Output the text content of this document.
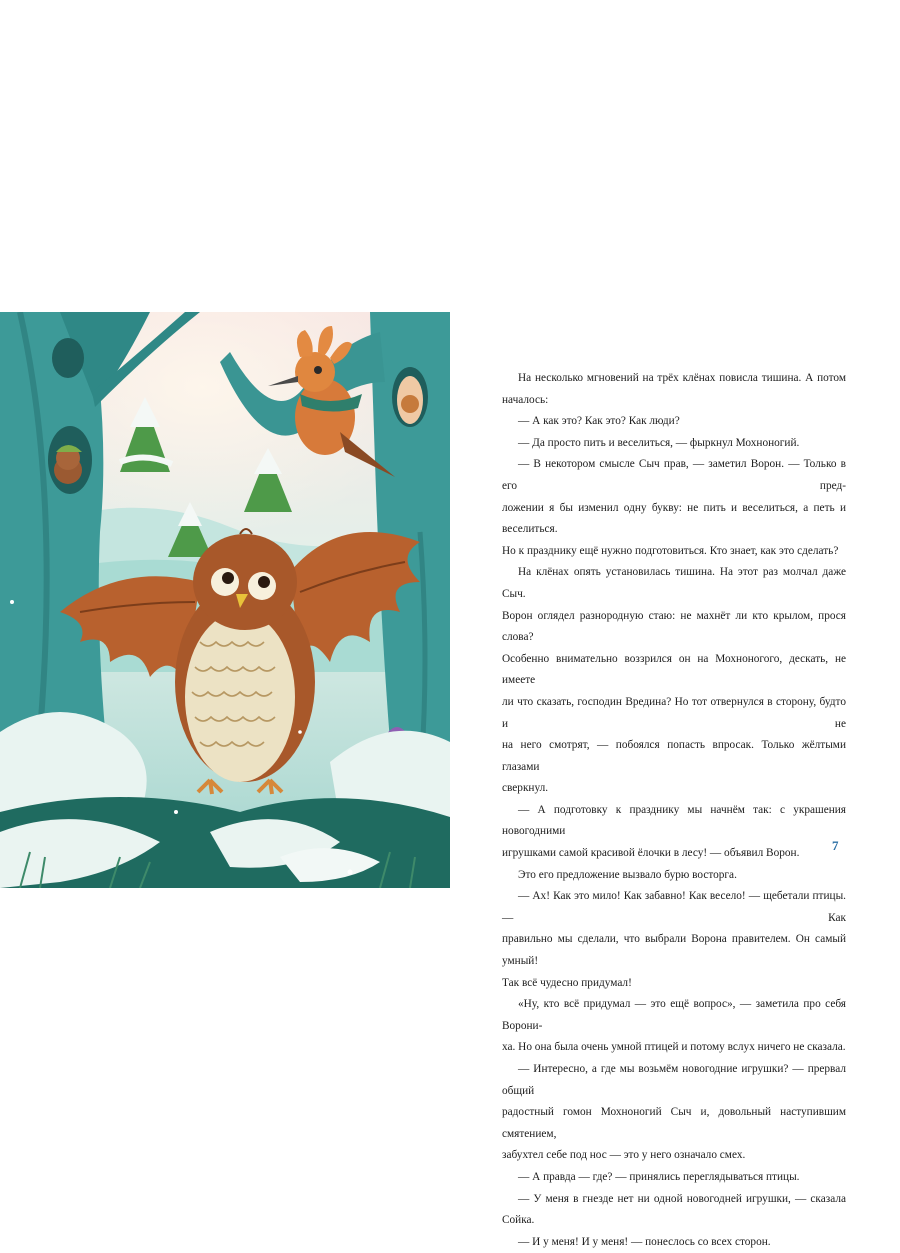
На несколько мгновений на трёх клёнах повисла тишина. А потом началось:

— А как это? Как это? Как люди?

— Да просто пить и веселиться, — фыркнул Мохноногий.

— В некотором смысле Сыч прав, — заметил Ворон. — Только в его пред-

ложении я бы изменил одну букву: не пить и веселиться, а петь и веселиться.

Но к празднику ещё нужно подготовиться. Кто знает, как это сделать?

На клёнах опять установилась тишина. На этот раз молчал даже Сыч.

Ворон оглядел разнородную стаю: не махнёт ли кто крылом, прося слова?

Особенно внимательно воззрился он на Мохноногого, дескать, не имеете

ли что сказать, господин Вредина? Но тот отвернулся в сторону, будто и не

на него смотрят, — побоялся попасть впросак. Только жёлтыми глазами

сверкнул.

— А подготовку к празднику мы начнём так: с украшения новогодними

игрушками самой красивой ёлочки в лесу! — объявил Ворон.

Это его предложение вызвало бурю восторга.

— Ах! Как это мило! Как забавно! Как весело! — щебетали птицы. — Как

правильно мы сделали, что выбрали Ворона правителем. Он самый умный!

Так всё чудесно придумал!

«Ну, кто всё придумал — это ещё вопрос», — заметила про себя Ворони-

ха. Но она была очень умной птицей и потому вслух ничего не сказала.

— Интересно, а где мы возьмём новогодние игрушки? — прервал общий

радостный гомон Мохноногий Сыч и, довольный наступившим смятением,

забухтел себе под нос — это у него означало смех.

— А правда — где? — принялись переглядываться птицы.

— У меня в гнезде нет ни одной новогодней игрушки, — сказала Сойка.

— И у меня! И у меня! — понеслось со всех сторон.

7
